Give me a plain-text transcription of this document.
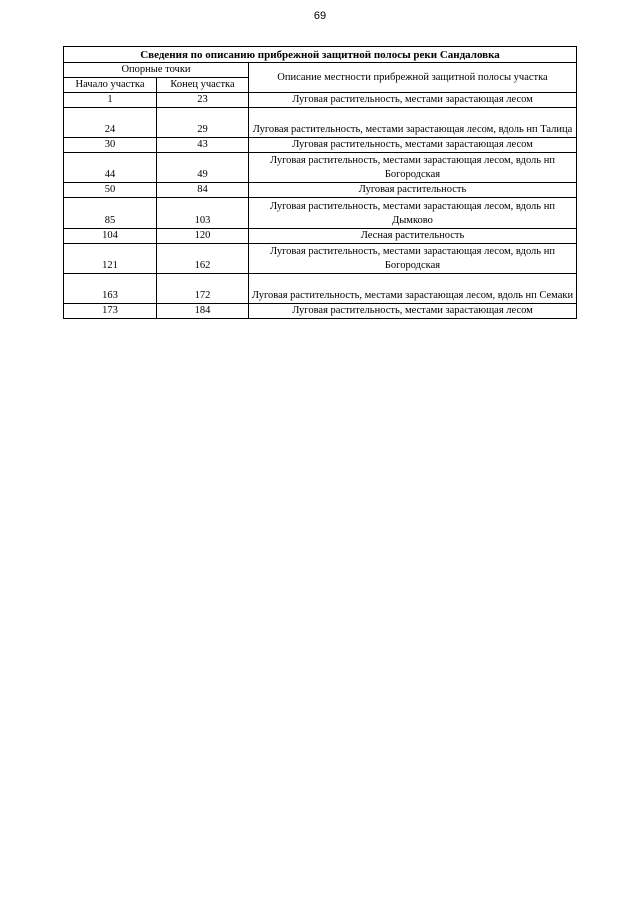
69
Сведения по описанию прибрежной защитной полосы реки Сандаловка		
Опорные точки		Описание местности прибрежной защитной полосы участка
Начало участка	Конец участка	
1	23	Луговая растительность, местами зарастающая лесом
24	29	Луговая растительность, местами зарастающая лесом, вдоль нп Талица
30	43	Луговая растительность, местами зарастающая лесом
44	49	Луговая растительность, местами зарастающая лесом, вдоль нп Богородская
50	84	Луговая растительность
85	103	Луговая растительность, местами зарастающая лесом, вдоль нп Дымково
104	120	Лесная растительность
121	162	Луговая растительность, местами зарастающая лесом, вдоль нп Богородская
163	172	Луговая растительность, местами зарастающая лесом, вдоль нп Семаки
173	184	Луговая растительность, местами зарастающая лесом
